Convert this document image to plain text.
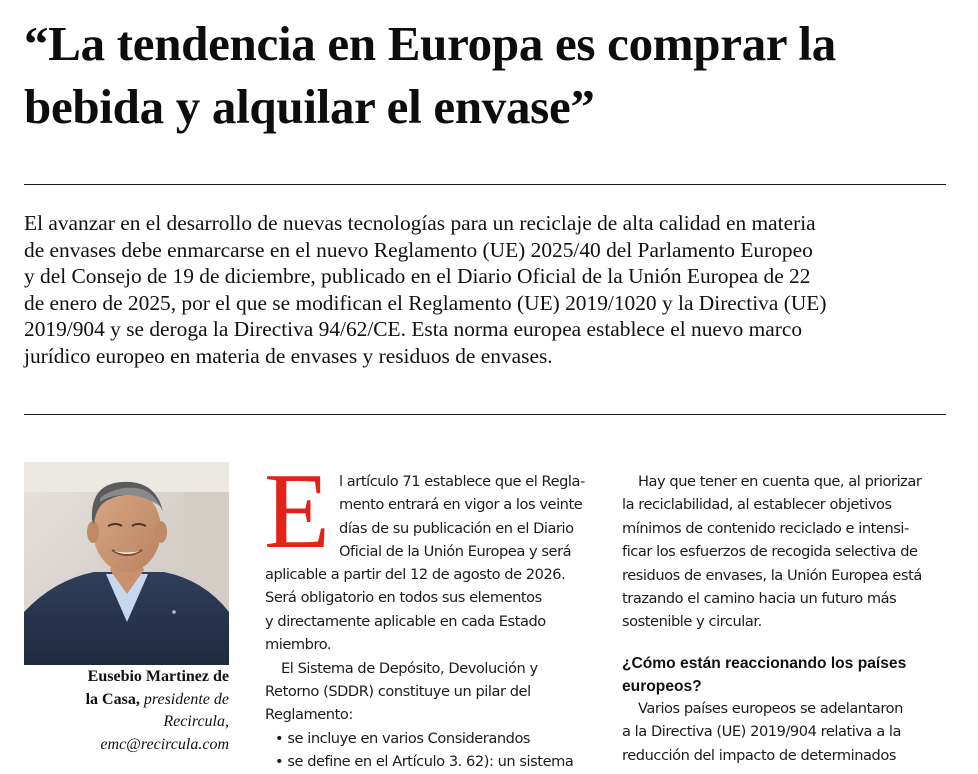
“La tendencia en Europa es comprar la
bebida y alquilar el envase”

El avanzar en el desarrollo de nuevas tecnologías para un reciclaje de alta calidad en materia
de envases debe enmarcarse en el nuevo Reglamento (UE) 2025/40 del Parlamento Europeo
y del Consejo de 19 de diciembre, publicado en el Diario Oficial de la Unión Europea de 22
de enero de 2025, por el que se modifican el Reglamento (UE) 2019/1020 y la Directiva (UE)
2019/904 y se deroga la Directiva 94/62/CE. Esta norma europea establece el nuevo marco
jurídico europeo en materia de envases y residuos de envases.

Eusebio Martinez de
la Casa, presidente de
Recircula,
emc@recircula.com
E l artículo 71 establece que el Regla-
mento entrará en vigor a los veinte
días de su publicación en el Diario
Oficial de la Unión Europea y será
aplicable a partir del 12 de agosto de 2026.
Será obligatorio en todos sus elementos
y directamente aplicable en cada Estado
miembro.
El Sistema de Depósito, Devolución y
Retorno (SDDR) constituye un pilar del
Reglamento:
• se incluye en varios Considerandos
• se define en el Artículo 3. 62): un sistema
Hay que tener en cuenta que, al priorizar
la reciclabilidad, al establecer objetivos
mínimos de contenido reciclado e intensi-
ficar los esfuerzos de recogida selectiva de
residuos de envases, la Unión Europea está
trazando el camino hacia un futuro más
sostenible y circular.
¿Cómo están reaccionando los países
europeos?
Varios países europeos se adelantaron
a la Directiva (UE) 2019/904 relativa a la
reducción del impacto de determinados
